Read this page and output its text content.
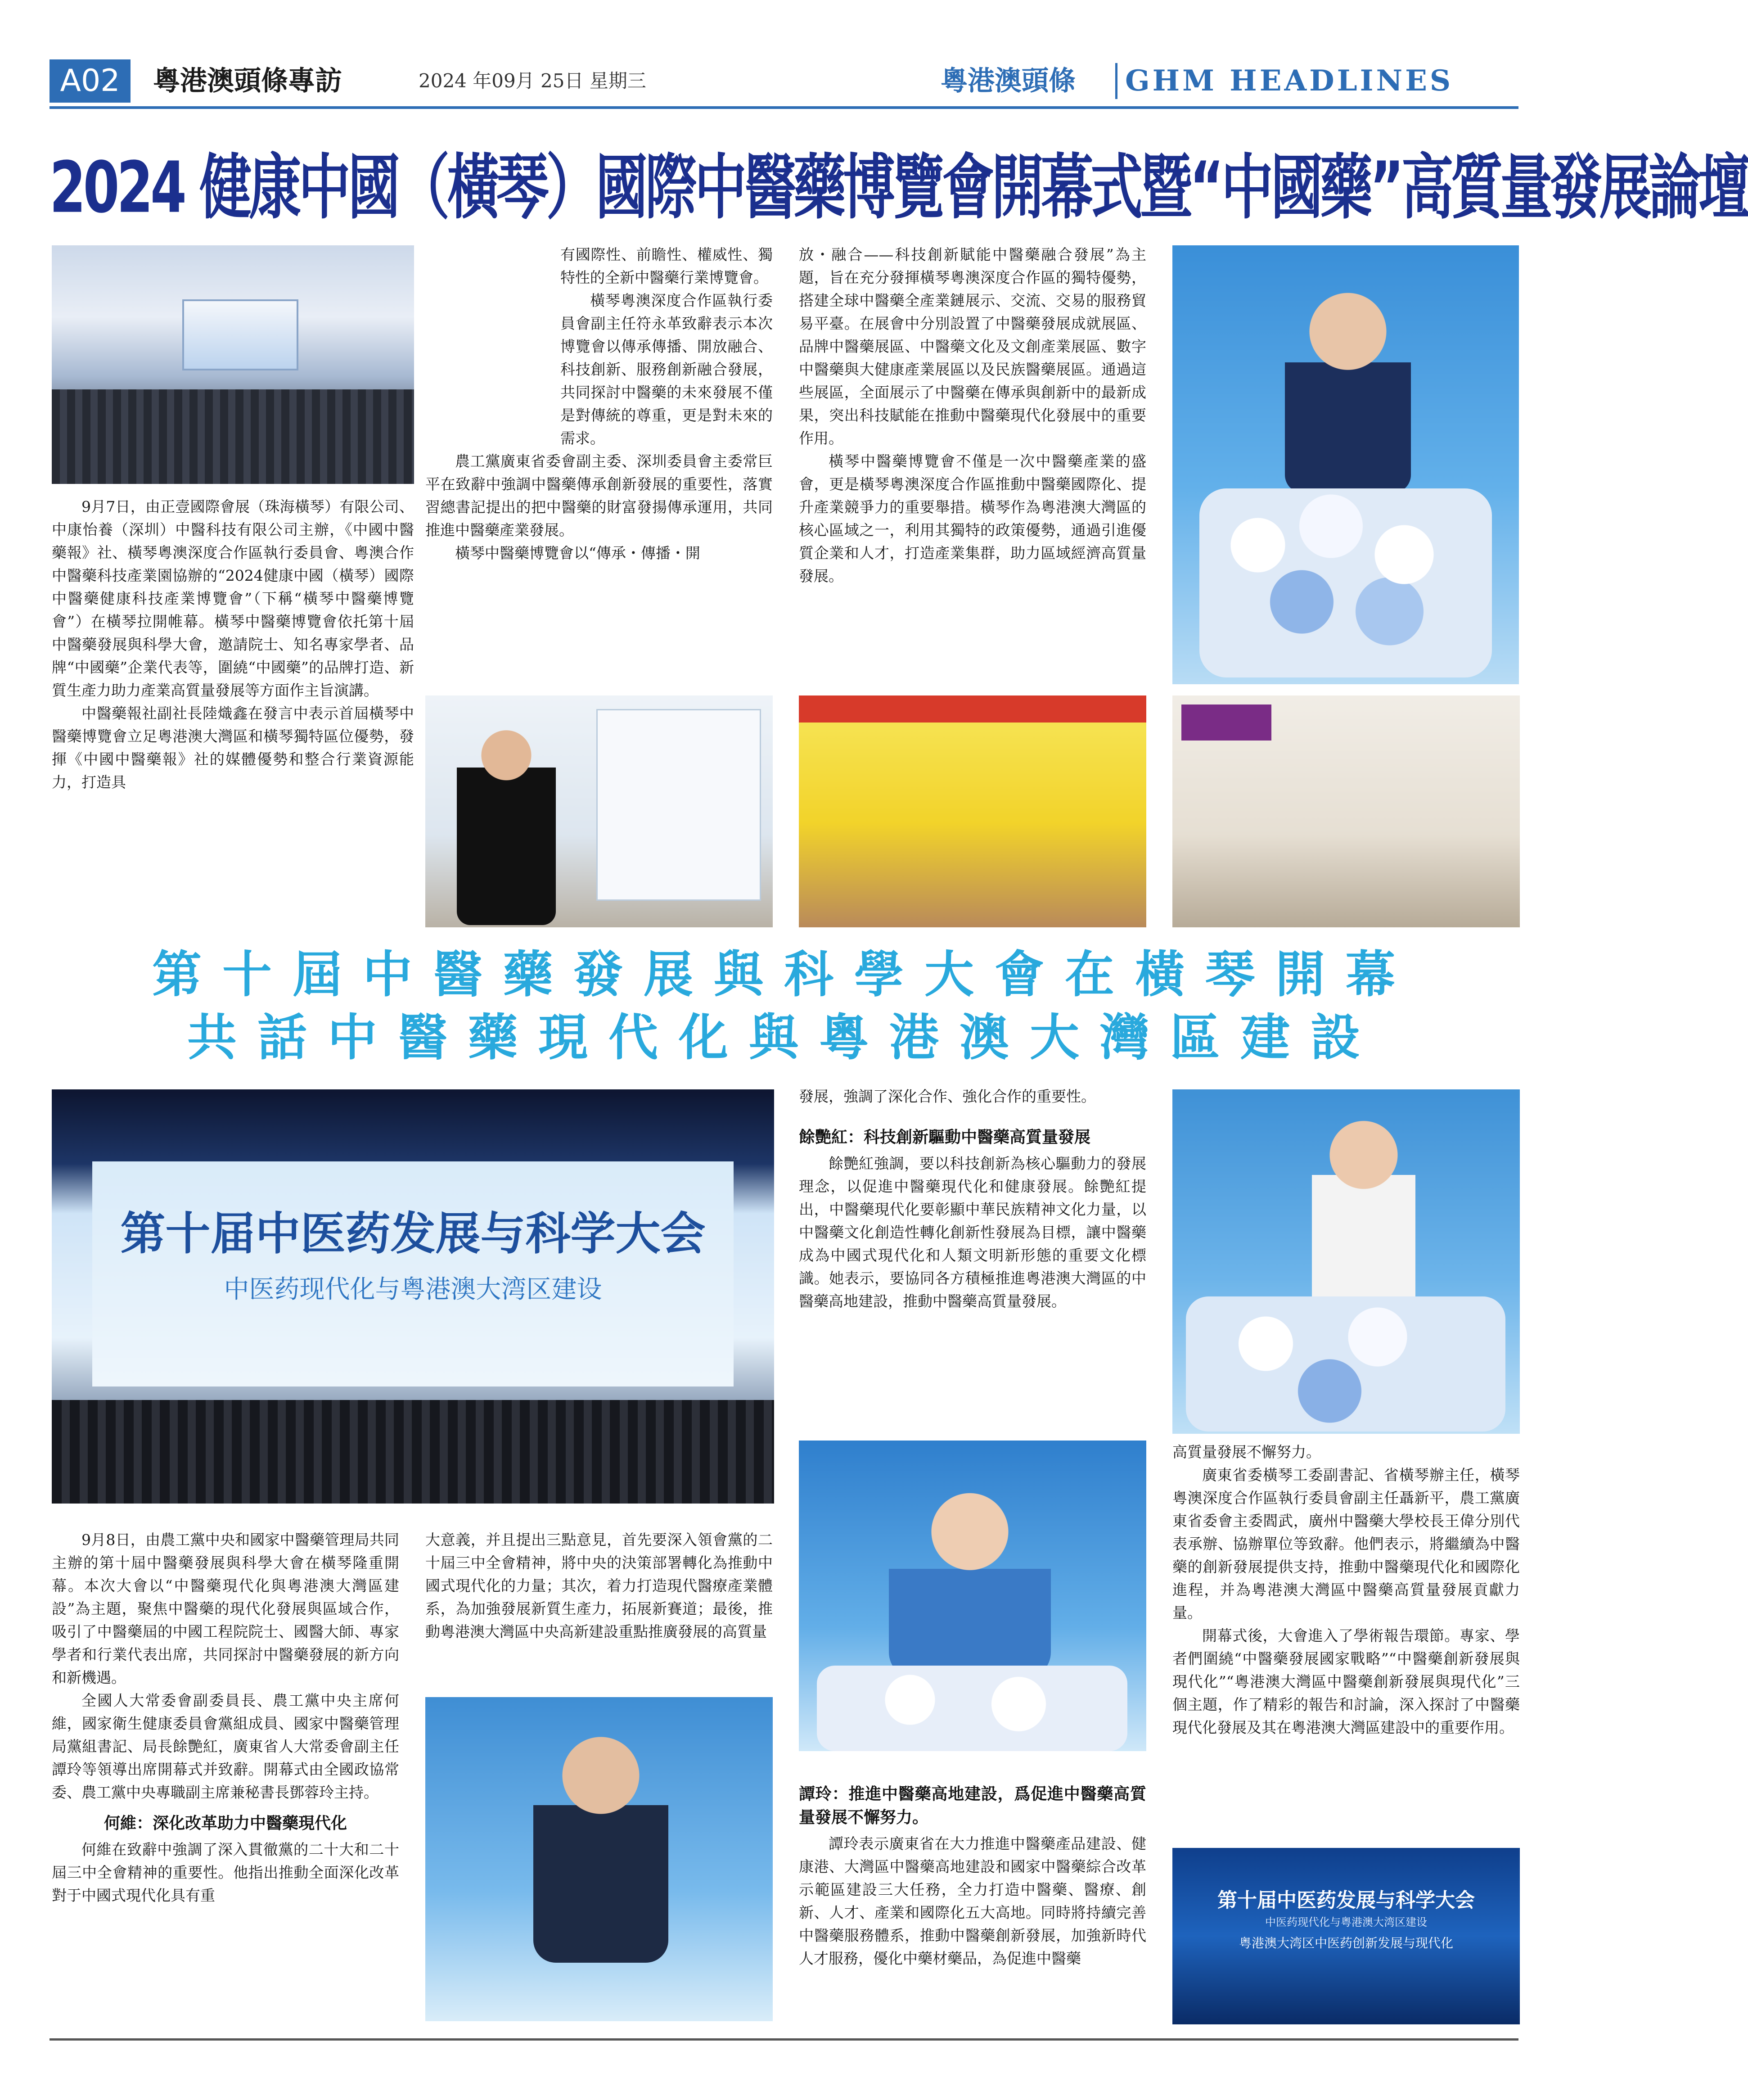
A02	粵港澳頭條專訪	2024 年09月 25日 星期三	粵港澳頭條 GHM HEADLINES
2024 健康中國（橫琴）國際中醫藥博覽會開幕式暨“中國藥”高質量發展論壇

9月7日，由正壹國際會展（珠海橫琴）有限公司、中康怡養（深圳）中醫科技有限公司主辦，《中國中醫藥報》社、橫琴粵澳深度合作區執行委員會、粵澳合作中醫藥科技產業園協辦的“2024健康中國（橫琴）國際中醫藥健康科技產業博覽會”（下稱“橫琴中醫藥博覽會”）在橫琴拉開帷幕。橫琴中醫藥博覽會依托第十屆中醫藥發展與科學大會，邀請院士、知名專家學者、品牌“中國藥”企業代表等，圍繞“中國藥”的品牌打造、新質生產力助力產業高質量發展等方面作主旨演講。

中醫藥報社副社長陸熾鑫在發言中表示首屆橫琴中醫藥博覽會立足粵港澳大灣區和橫琴獨特區位優勢，發揮《中國中醫藥報》社的媒體優勢和整合行業資源能力，打造具

有國際性、前瞻性、權威性、獨特性的全新中醫藥行業博覽會。

橫琴粵澳深度合作區執行委員會副主任符永革致辭表示本次博覽會以傳承傳播、開放融合、科技創新、服務創新融合發展，共同探討中醫藥的未來發展不僅是對傳統的尊重，更是對未來的需求。

農工黨廣東省委會副主委、深圳委員會主委常巨平在致辭中強調中醫藥傳承創新發展的重要性，落實習總書記提出的把中醫藥的財富發揚傳承運用，共同推進中醫藥產業發展。

橫琴中醫藥博覽會以“傳承・傳播・開

放・融合——科技創新賦能中醫藥融合發展”為主題，旨在充分發揮橫琴粵澳深度合作區的獨特優勢，搭建全球中醫藥全產業鏈展示、交流、交易的服務貿易平臺。在展會中分別設置了中醫藥發展成就展區、品牌中醫藥展區、中醫藥文化及文創產業展區、數字中醫藥與大健康產業展區以及民族醫藥展區。通過這些展區，全面展示了中醫藥在傳承與創新中的最新成果，突出科技賦能在推動中醫藥現代化發展中的重要作用。

橫琴中醫藥博覽會不僅是一次中醫藥產業的盛會，更是橫琴粵澳深度合作區推動中醫藥國際化、提升產業競爭力的重要舉措。橫琴作為粵港澳大灣區的核心區域之一，利用其獨特的政策優勢，通過引進優質企業和人才，打造產業集群，助力區域經濟高質量發展。

第十屆中醫藥發展與科學大會在橫琴開幕
共話中醫藥現代化與粵港澳大灣區建設
第十届中医药发展与科学大会
中医药现代化与粤港澳大湾区建设
第十届中医药发展与科学大会
中医药现代化与粤港澳大湾区建设
粤港澳大湾区中医药创新发展与现代化

9月8日，由農工黨中央和國家中醫藥管理局共同主辦的第十屆中醫藥發展與科學大會在橫琴隆重開幕。本次大會以“中醫藥現代化與粵港澳大灣區建設”為主題，聚焦中醫藥的現代化發展與區域合作，吸引了中醫藥屆的中國工程院院士、國醫大師、專家學者和行業代表出席，共同探討中醫藥發展的新方向和新機遇。

全國人大常委會副委員長、農工黨中央主席何維，國家衛生健康委員會黨組成員、國家中醫藥管理局黨組書記、局長餘艷紅，廣東省人大常委會副主任譚玲等領導出席開幕式并致辭。開幕式由全國政協常委、農工黨中央專職副主席兼秘書長鄧蓉玲主持。

何維：深化改革助力中醫藥現代化

何維在致辭中強調了深入貫徹黨的二十大和二十屆三中全會精神的重要性。他指出推動全面深化改革對于中國式現代化具有重

大意義，并且提出三點意見，首先要深入領會黨的二十屆三中全會精神，將中央的決策部署轉化為推動中國式現代化的力量；其次，着力打造現代醫療產業體系，為加強發展新質生產力，拓展新賽道；最後，推動粵港澳大灣區中央高新建設重點推廣發展的高質量

發展，強調了深化合作、強化合作的重要性。

餘艷紅：科技創新驅動中醫藥高質量發展

餘艷紅強調，要以科技創新為核心驅動力的發展理念，以促進中醫藥現代化和健康發展。餘艷紅提出，中醫藥現代化要彰顯中華民族精神文化力量，以中醫藥文化創造性轉化創新性發展為目標，讓中醫藥成為中國式現代化和人類文明新形態的重要文化標識。她表示，要協同各方積極推進粵港澳大灣區的中醫藥高地建設，推動中醫藥高質量發展。

譚玲：推進中醫藥高地建設，爲促進中醫藥高質量發展不懈努力。

譚玲表示廣東省在大力推進中醫藥產品建設、健康港、大灣區中醫藥高地建設和國家中醫藥綜合改革示範區建設三大任務，全力打造中醫藥、醫療、創新、人才、產業和國際化五大高地。同時將持續完善中醫藥服務體系，推動中醫藥創新發展，加強新時代人才服務，優化中藥材藥品，為促進中醫藥

高質量發展不懈努力。

廣東省委橫琴工委副書記、省橫琴辦主任，橫琴粵澳深度合作區執行委員會副主任聶新平，農工黨廣東省委會主委閻武，廣州中醫藥大學校長王偉分別代表承辦、協辦單位等致辭。他們表示，將繼續為中醫藥的創新發展提供支持，推動中醫藥現代化和國際化進程，并為粵港澳大灣區中醫藥高質量發展貢獻力量。

開幕式後，大會進入了學術報告環節。專家、學者們圍繞“中醫藥發展國家戰略”“中醫藥創新發展與現代化”“粵港澳大灣區中醫藥創新發展與現代化”三個主題，作了精彩的報告和討論，深入探討了中醫藥現代化發展及其在粵港澳大灣區建設中的重要作用。
